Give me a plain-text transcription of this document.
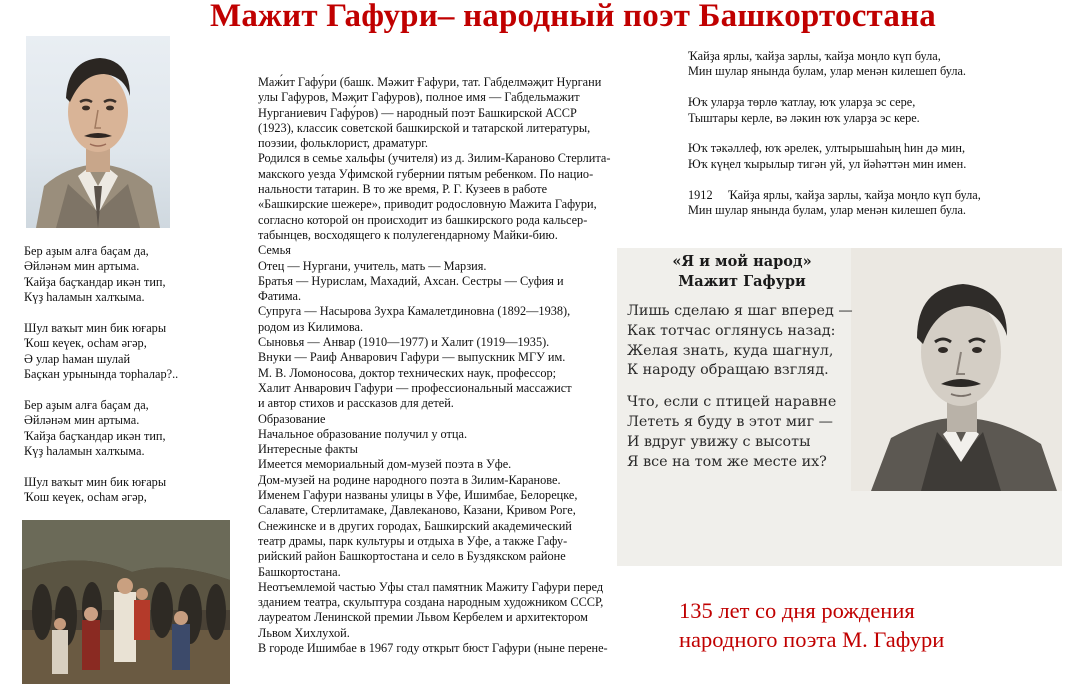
Мажит Гафури– народный поэт Башкортостана

Бер аҙым алға баҫам да,
Әйләнәм мин артыма.
Ҡайҙа баҫҡандар икән тип,
Күҙ һаламын халҡыма.

Шул ваҡыт мин бик юғары
Ҡош кеүек, осһам әгәр,
Ә улар һаман шулай
Баҫкан урынында торһалар?..

Бер аҙым алға баҫам да,
Әйләнәм мин артыма.
Ҡайҙа баҫҡандар икән тип,
Күҙ һаламын халҡыма.

Шул ваҡыт мин бик юғары
Ҡош кеүек, осһам әгәр,

Маж́ит Гафу́ри (башк. Мәжит Ғафури, тат. Габделмәҗит Нургани
улы Гафуров, Мәҗит Гафуров), полное имя — Габдельмажит
Нурганиевич Гафу́ров) — народный поэт Башкирской АССР
(1923), классик советской башкирской и татарской литературы,
поэзии, фольклорист, драматург.
Родился в семье хальфы (учителя) из д. Зилим-Караново Стерлита-
макского уезда Уфимской губернии пятым ребенком. По нацио-
нальности татарин. В то же время, Р. Г. Кузеев в работе
«Башкирские шежере», приводит родословную Мажита Гафури,
согласно которой он происходит из башкирского рода кальсер-
табынцев, восходящего к полулегендарному Майки-бию.
Семья
Отец — Нургани, учитель, мать — Марзия.
Братья — Нурислам, Махадий, Ахсан. Сестры — Суфия и
Фатима.
Супруга — Насырова Зухра Камалетдиновна (1892—1938),
родом из Килимова.
Сыновья — Анвар (1910—1977) и Халит (1919—1935).
Внуки — Раиф Анварович Гафури — выпускник МГУ им.
М. В. Ломоносова, доктор технических наук, профессор;
Халит Анварович Гафури — профессиональный массажист
и автор стихов и рассказов для детей.
Образование
Начальное образование получил у отца.
Интересные факты
Имеется мемориальный дом-музей поэта в Уфе.
Дом-музей на родине народного поэта в Зилим-Каранове.
Именем Гафури названы улицы в Уфе, Ишимбае, Белорецке,
Салавате, Стерлитамаке, Давлеканово, Казани, Кривом Роге,
Снежинске и в других городах, Башкирский академический
театр драмы, парк культуры и отдыха в Уфе, а также Гафу-
рийский район Башкортостана и село в Буздякском районе
Башкортостана.
Неотъемлемой частью Уфы стал памятник Мажиту Гафури перед
зданием театра, скульптура создана народным художником СССР,
лауреатом Ленинской премии Львом Кербелем и архитектором
Львом Хихлухой.
В городе Ишимбае в 1967 году открыт бюст Гафури (ныне перене-

Ҡайҙа ярлы, ҡайҙа зарлы, ҡайҙа моңло күп була,
Мин шулар янында булам, улар менән килешеп була.

Юҡ уларҙа төрлө ҡатлау, юҡ уларҙа эс сере,
Тыштары керле, вә ләкин юҡ уларҙа эс кере.

Юҡ тәкәллеф, юҡ әрелек, ултырышаһың һин дә мин,
Юҡ күңел ҡырылыр тигән уй, ул йәһәттән мин имен.

1912 Ҡайҙа ярлы, ҡайҙа зарлы, ҡайҙа моңло күп була,
Мин шулар янында булам, улар менән килешеп була.

«Я и мой народ»
Мажит Гафури
Лишь сделаю я шаг вперед —
Как тотчас оглянусь назад:
Желая знать, куда шагнул,
К народу обращаю взгляд.
Что, если с птицей наравне
Лететь я буду в этот миг —
И вдруг увижу с высоты
Я все на том же месте их?
135 лет со дня рождения
народного поэта М. Гафури
